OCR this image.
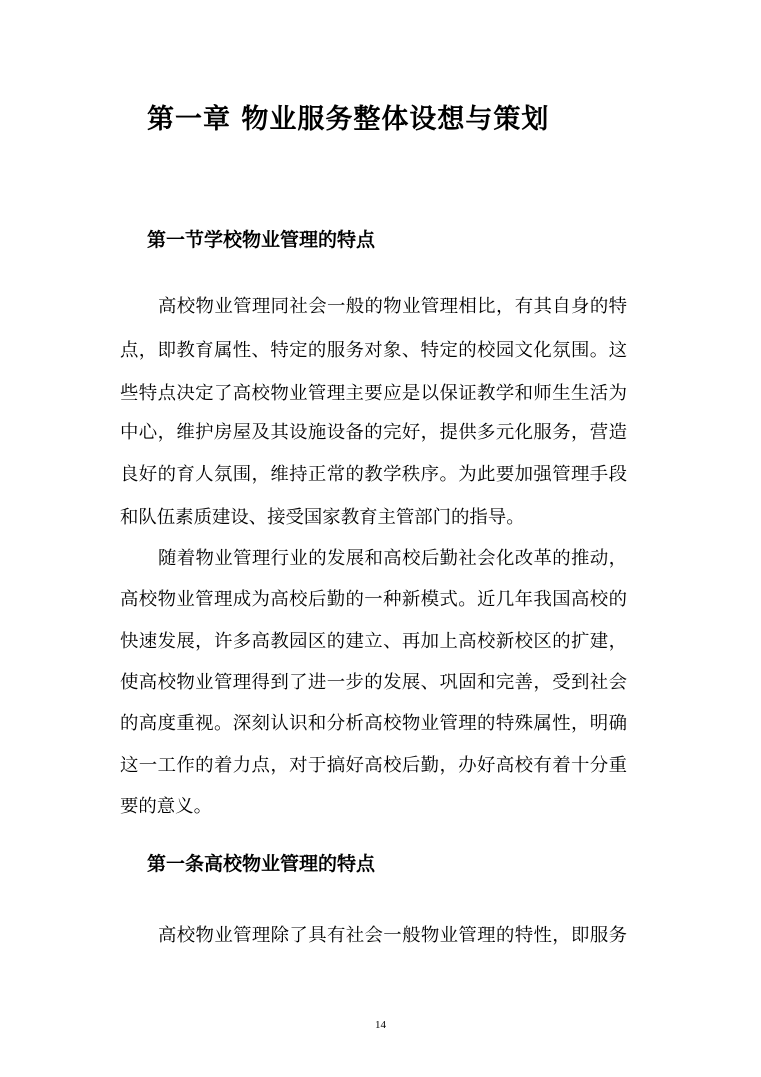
第一章 物业服务整体设想与策划
第一节学校物业管理的特点
高校物业管理同社会一般的物业管理相比，有其自身的特
点，即教育属性、特定的服务对象、特定的校园文化氛围。这
些特点决定了高校物业管理主要应是以保证教学和师生生活为
中心，维护房屋及其设施设备的完好，提供多元化服务，营造
良好的育人氛围，维持正常的教学秩序。为此要加强管理手段
和队伍素质建设、接受国家教育主管部门的指导。
随着物业管理行业的发展和高校后勤社会化改革的推动，
高校物业管理成为高校后勤的一种新模式。近几年我国高校的
快速发展，许多高教园区的建立、再加上高校新校区的扩建，
使高校物业管理得到了进一步的发展、巩固和完善，受到社会
的高度重视。深刻认识和分析高校物业管理的特殊属性，明确
这一工作的着力点，对于搞好高校后勤，办好高校有着十分重
要的意义。
第一条高校物业管理的特点
高校物业管理除了具有社会一般物业管理的特性，即服务
14
